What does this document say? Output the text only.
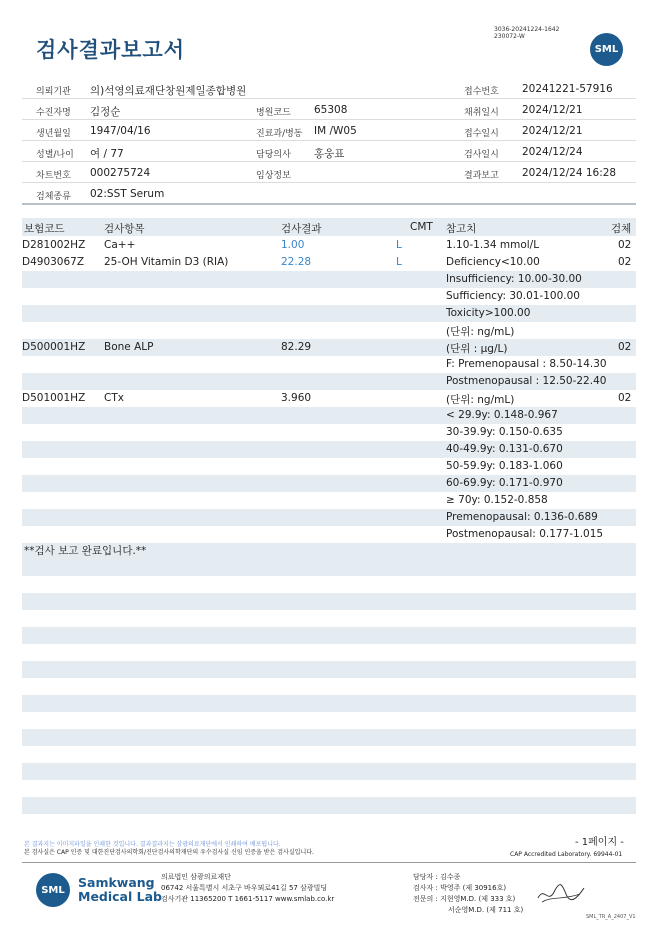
검사결과보고서
3036-20241224-1642
230072-W
SML
의뢰기관 의)석영의료재단창원제일종합병원	접수번호 20241221-57916
수진자명 김정순	병원코드 65308	채취일시 2024/12/21
생년월일 1947/04/16	진료과/병동 IM /W05	접수일시 2024/12/21
성별/나이 여 / 77	담당의사 홍웅표	검사일시 2024/12/24
차트번호 000275724	임상정보	결과보고 2024/12/24 16:28
검체종류 02:SST Serum
보험코드	검사항목	검사결과	CMT 참고치	검체
D281002HZ Ca++	1.00	L	1.10-1.34 mmol/L	02
D4903067Z 25-OH Vitamin D3 (RIA)	22.28	L	Deficiency<10.00	02
Insufficiency: 10.00-30.00
Sufficiency: 30.01-100.00
Toxicity>100.00
(단위: ng/mL)
D500001HZ Bone ALP	82.29	(단위 : µg/L)	02
F: Premenopausal : 8.50-14.30
Postmenopausal : 12.50-22.40
D501001HZ CTx	3.960	(단위: ng/mL)	02
< 29.9y: 0.148-0.967
30-39.9y: 0.150-0.635
40-49.9y: 0.131-0.670
50-59.9y: 0.183-1.060
60-69.9y: 0.171-0.970
≥ 70y: 0.152-0.858
Premenopausal: 0.136-0.689
Postmenopausal: 0.177-1.015
**검사 보고 완료입니다.**
본 결과지는 이미지파일을 인쇄한 것입니다. 결과결과지는 삼광의료재단에서 인쇄하여 배포됩니다.
본 검사실은 CAP 인증 및 대한진단검사의학회/진단검사의학재단의 우수검사실 신임 인증을 받은 검사실입니다.
- 1페이지 -
CAP Accredited Laboratory. 69944-01
SML	Samkwang
Medical Lab
의료법인 삼광의료재단
06742 서울특별시 서초구 바우뫼로41길 57 삼광빌딩
검사기관 11365200 T 1661-5117 www.smlab.co.kr
담당자 : 김수종
검사자 : 박영주 (제 30916호)
전문의 : 지현영M.D. (제 333 호)
서순영M.D. (제 711 호)
SML_TR_A_2407_V1
